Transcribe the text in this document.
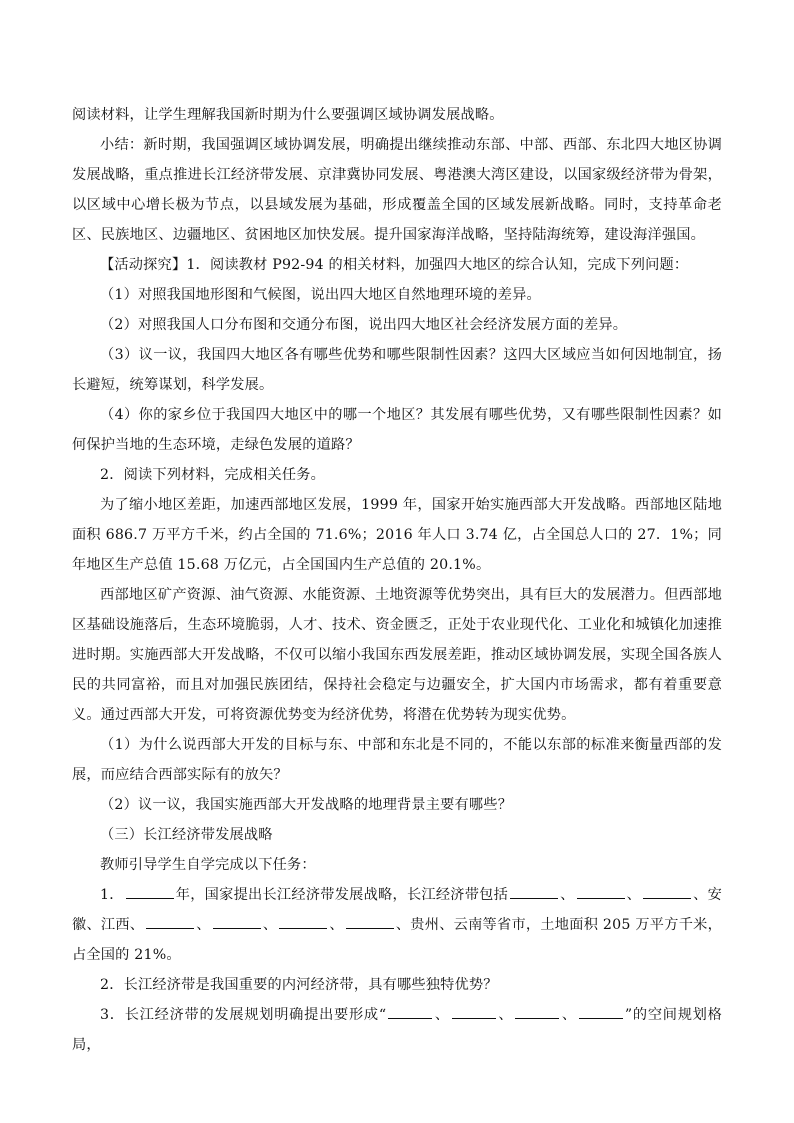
阅读材料，让学生理解我国新时期为什么要强调区域协调发展战略。

小结：新时期，我国强调区域协调发展，明确提出继续推动东部、中部、西部、东北四大地区协调发展战略，重点推进长江经济带发展、京津冀协同发展、粤港澳大湾区建设，以国家级经济带为骨架，以区域中心增长极为节点，以县域发展为基础，形成覆盖全国的区域发展新战略。同时，支持革命老区、民族地区、边疆地区、贫困地区加快发展。提升国家海洋战略，坚持陆海统筹，建设海洋强国。

【活动探究】1．阅读教材 P92-94 的相关材料，加强四大地区的综合认知，完成下列问题：

（1）对照我国地形图和气候图，说出四大地区自然地理环境的差异。

（2）对照我国人口分布图和交通分布图，说出四大地区社会经济发展方面的差异。

（3）议一议，我国四大地区各有哪些优势和哪些限制性因素？这四大区域应当如何因地制宜，扬长避短，统筹谋划，科学发展。

（4）你的家乡位于我国四大地区中的哪一个地区？其发展有哪些优势，又有哪些限制性因素？如何保护当地的生态环境，走绿色发展的道路？

2．阅读下列材料，完成相关任务。

为了缩小地区差距，加速西部地区发展，1999 年，国家开始实施西部大开发战略。西部地区陆地面积 686.7 万平方千米，约占全国的 71.6%；2016 年人口 3.74 亿，占全国总人口的 27．1%；同年地区生产总值 15.68 万亿元，占全国国内生产总值的 20.1%。

西部地区矿产资源、油气资源、水能资源、土地资源等优势突出，具有巨大的发展潜力。但西部地区基础设施落后，生态环境脆弱，人才、技术、资金匮乏，正处于农业现代化、工业化和城镇化加速推进时期。实施西部大开发战略，不仅可以缩小我国东西发展差距，推动区域协调发展，实现全国各族人民的共同富裕，而且对加强民族团结，保持社会稳定与边疆安全，扩大国内市场需求，都有着重要意义。通过西部大开发，可将资源优势变为经济优势，将潜在优势转为现实优势。

（1）为什么说西部大开发的目标与东、中部和东北是不同的，不能以东部的标准来衡量西部的发展，而应结合西部实际有的放矢？

（2）议一议，我国实施西部大开发战略的地理背景主要有哪些？

（三）长江经济带发展战略

教师引导学生自学完成以下任务：

1．	年，国家提出长江经济带发展战略，长江经济带包括	、	、	、安徽、江西、	、	、	、	、贵州、云南等省市，土地面积 205 万平方千米，占全国的 21%。

2．长江经济带是我国重要的内河经济带，具有哪些独特优势？

3．长江经济带的发展规划明确提出要形成“	、	、	、	”的空间规划格局，
